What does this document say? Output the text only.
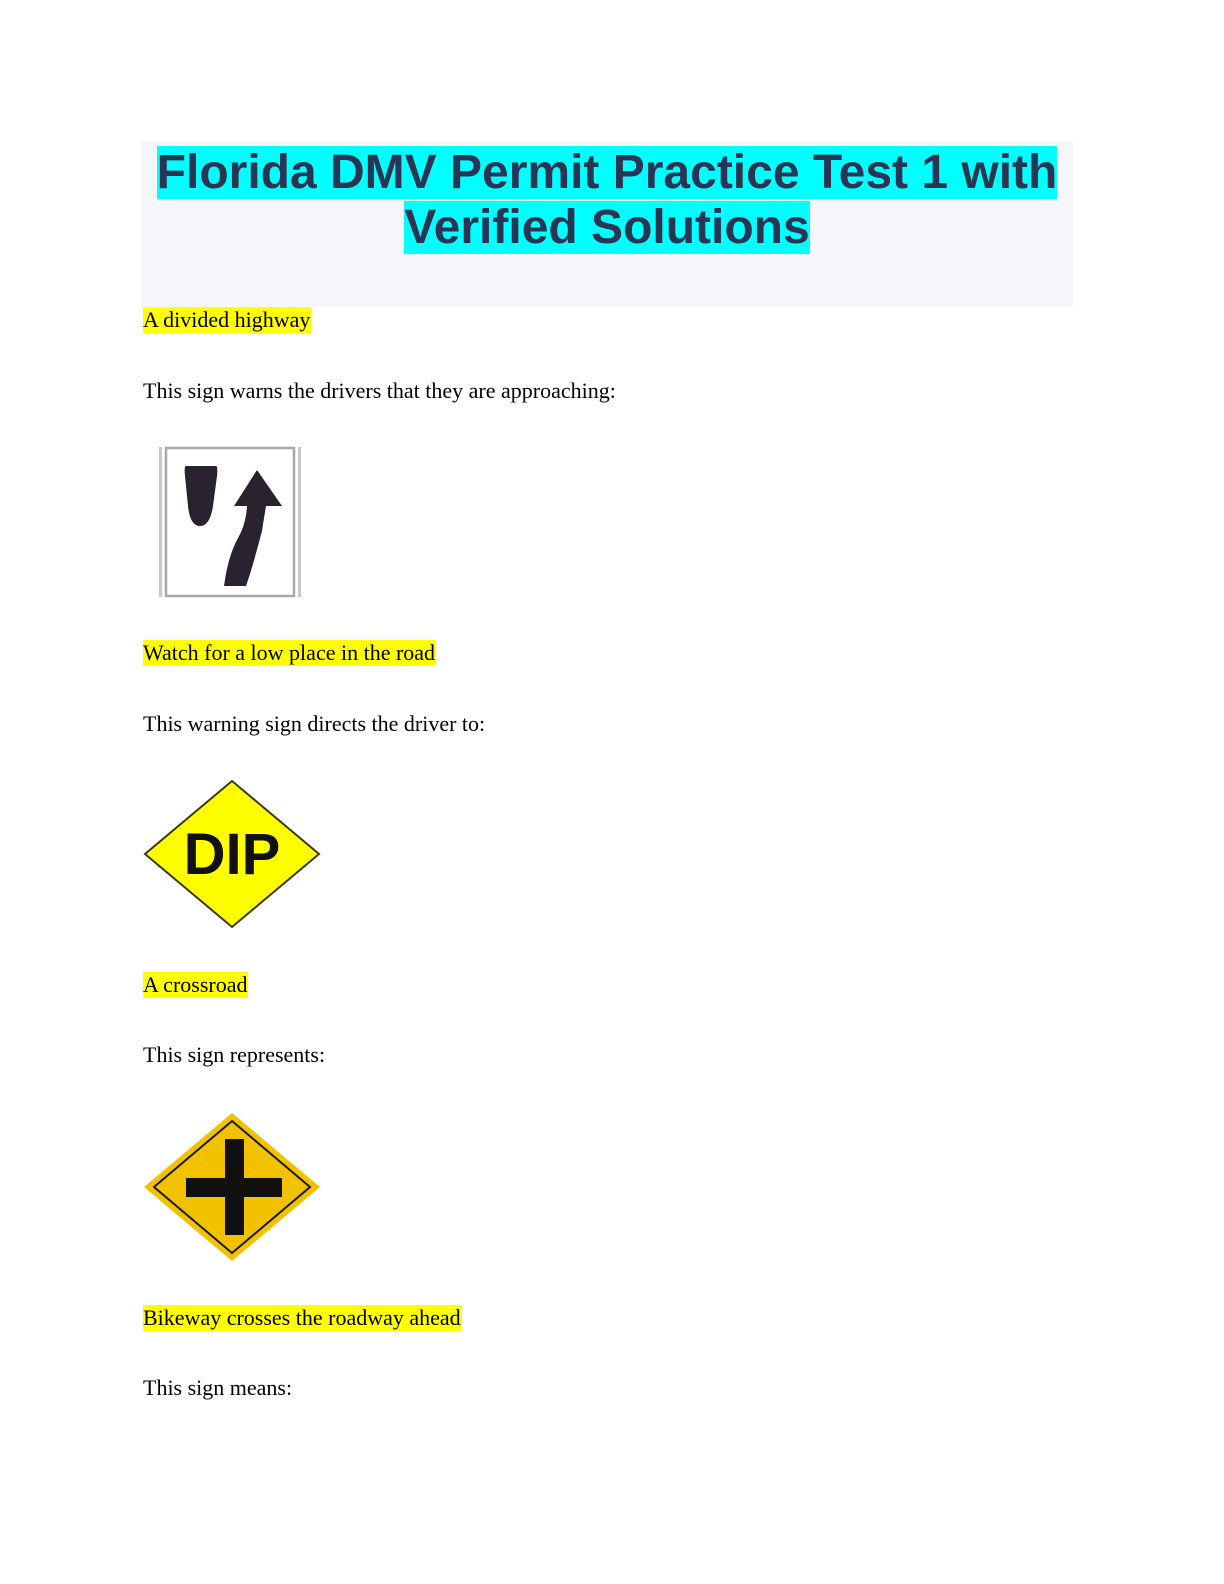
Florida DMV Permit Practice Test 1 with
Verified Solutions
A divided highway
This sign warns the drivers that they are approaching:
Watch for a low place in the road
This warning sign directs the driver to:
DIP
A crossroad
This sign represents:
Bikeway crosses the roadway ahead
This sign means:
